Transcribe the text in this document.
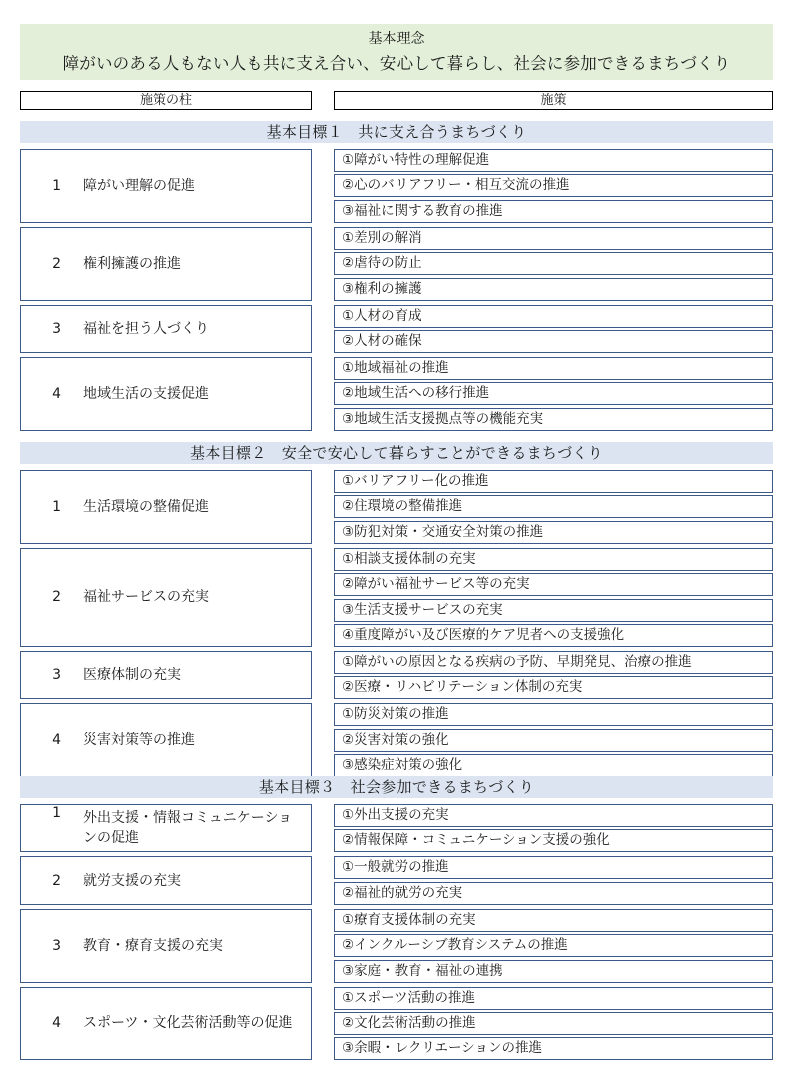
基本理念
障がいのある人もない人も共に支え合い、安心して暮らし、社会に参加できるまちづくり
施策の柱	施策
基本目標１　共に支え合うまちづくり
1	障がい理解の促進
①障がい特性の理解促進
②心のバリアフリー・相互交流の推進
③福祉に関する教育の推進
2	権利擁護の推進
①差別の解消
②虐待の防止
③権利の擁護
3	福祉を担う人づくり
①人材の育成
②人材の確保
4	地域生活の支援促進
①地域福祉の推進
②地域生活への移行推進
③地域生活支援拠点等の機能充実
基本目標２　安全で安心して暮らすことができるまちづくり
1	生活環境の整備促進
①バリアフリー化の推進
②住環境の整備推進
③防犯対策・交通安全対策の推進
2	福祉サービスの充実
①相談支援体制の充実
②障がい福祉サービス等の充実
③生活支援サービスの充実
④重度障がい及び医療的ケア児者への支援強化
3	医療体制の充実
①障がいの原因となる疾病の予防、早期発見、治療の推進
②医療・リハビリテーション体制の充実
4	災害対策等の推進
①防災対策の推進
②災害対策の強化
③感染症対策の強化
基本目標３　社会参加できるまちづくり
1	外出支援・情報コミュニケーションの促進
①外出支援の充実
②情報保障・コミュニケーション支援の強化
2	就労支援の充実
①一般就労の推進
②福祉的就労の充実
3	教育・療育支援の充実
①療育支援体制の充実
②インクルーシブ教育システムの推進
③家庭・教育・福祉の連携
4	スポーツ・文化芸術活動等の促進
①スポーツ活動の推進
②文化芸術活動の推進
③余暇・レクリエーションの推進
